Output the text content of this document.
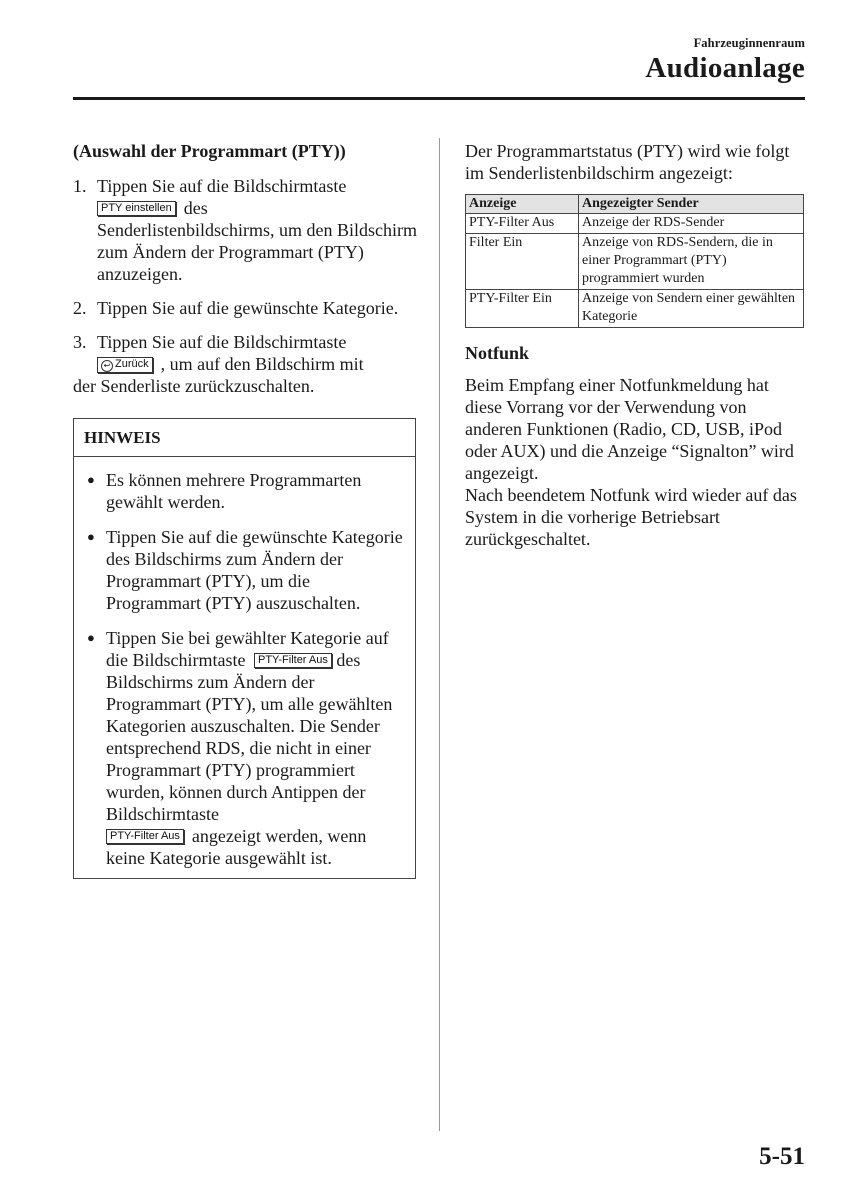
Fahrzeuginnenraum
Audioanlage
(Auswahl der Programmart (PTY))
1. Tippen Sie auf die Bildschirmtaste
PTY einstellen des
Senderlistenbildschirms, um den Bildschirm zum Ändern der Programmart (PTY) anzuzeigen.
2. Tippen Sie auf die gewünschte Kategorie.
3. Tippen Sie auf die Bildschirmtaste
↩ Zurück , um auf den Bildschirm mit
der Senderliste zurückzuschalten.
HINWEIS
● Es können mehrere Programmarten gewählt werden.
● Tippen Sie auf die gewünschte Kategorie des Bildschirms zum Ändern der Programmart (PTY), um die Programmart (PTY) auszuschalten.
● Tippen Sie bei gewählter Kategorie auf die Bildschirmtaste PTY-Filter Aus des Bildschirms zum Ändern der Programmart (PTY), um alle gewählten Kategorien auszuschalten. Die Sender entsprechend RDS, die nicht in einer Programmart (PTY) programmiert wurden, können durch Antippen der Bildschirmtaste
PTY-Filter Aus angezeigt werden, wenn
keine Kategorie ausgewählt ist.
Der Programmartstatus (PTY) wird wie folgt im Senderlistenbildschirm angezeigt:
Anzeige	Angezeigter Sender
PTY-Filter Aus	Anzeige der RDS-Sender
Filter Ein	Anzeige von RDS-Sendern, die in einer Programmart (PTY) programmiert wurden
PTY-Filter Ein	Anzeige von Sendern einer gewählten Kategorie
Notfunk
Beim Empfang einer Notfunkmeldung hat diese Vorrang vor der Verwendung von anderen Funktionen (Radio, CD, USB, iPod oder AUX) und die Anzeige “Signalton” wird angezeigt.
Nach beendetem Notfunk wird wieder auf das System in die vorherige Betriebsart zurückgeschaltet.
5-51
